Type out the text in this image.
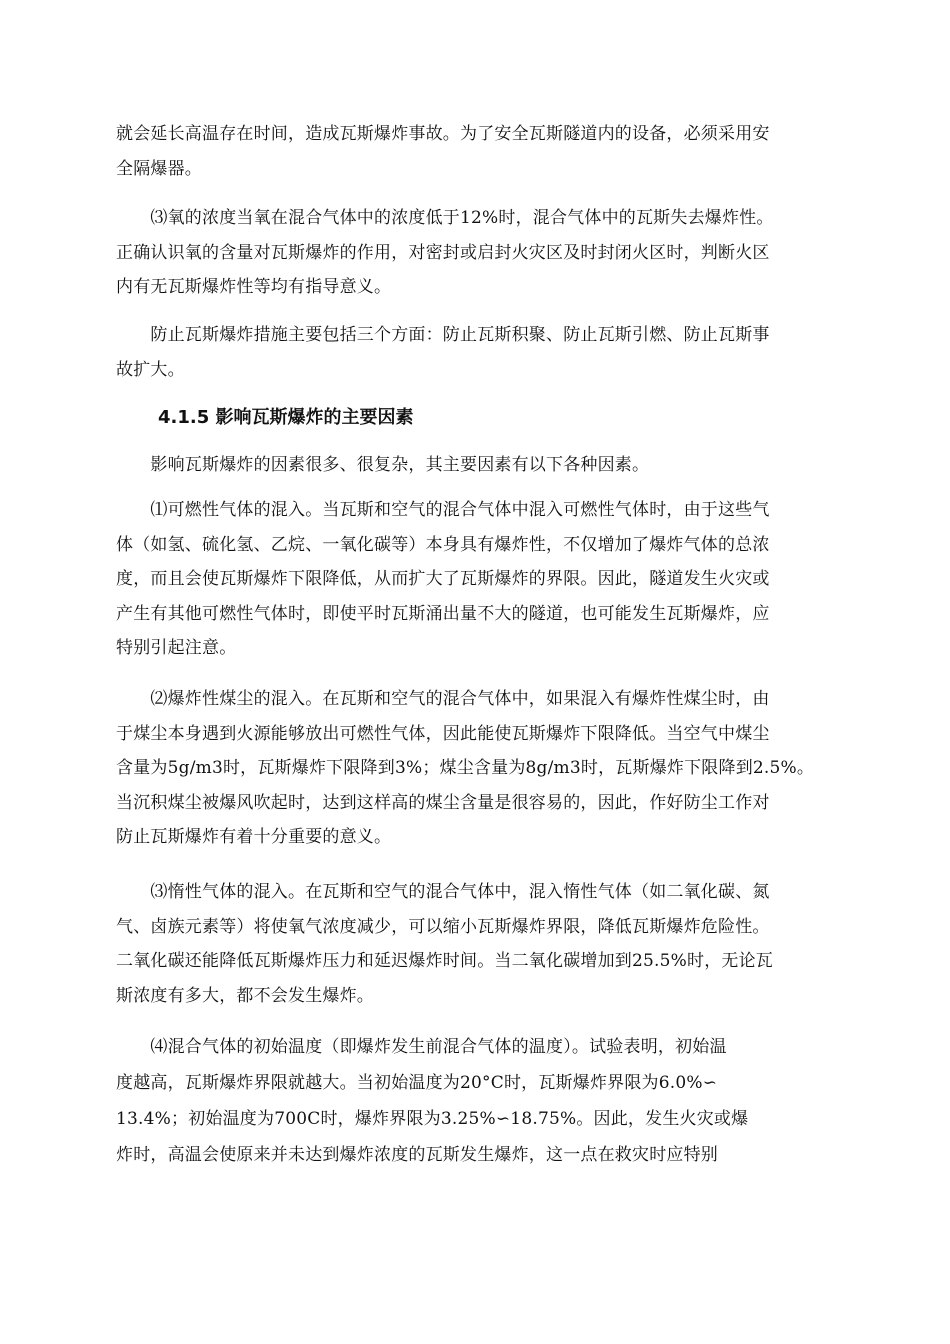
就会延长高温存在时间，造成瓦斯爆炸事故。为了安全瓦斯隧道内的设备，必须采用安
全隔爆器。
　　⑶氧的浓度当氧在混合气体中的浓度低于12%时，混合气体中的瓦斯失去爆炸性。
正确认识氧的含量对瓦斯爆炸的作用，对密封或启封火灾区及时封闭火区时，判断火区
内有无瓦斯爆炸性等均有指导意义。
　　防止瓦斯爆炸措施主要包括三个方面：防止瓦斯积聚、防止瓦斯引燃、防止瓦斯事
故扩大。
4.1.5 影响瓦斯爆炸的主要因素
　　影响瓦斯爆炸的因素很多、很复杂，其主要因素有以下各种因素。
　　⑴可燃性气体的混入。当瓦斯和空气的混合气体中混入可燃性气体时，由于这些气
体（如氢、硫化氢、乙烷、一氧化碳等）本身具有爆炸性，不仅增加了爆炸气体的总浓
度，而且会使瓦斯爆炸下限降低，从而扩大了瓦斯爆炸的界限。因此，隧道发生火灾或
产生有其他可燃性气体时，即使平时瓦斯涌出量不大的隧道，也可能发生瓦斯爆炸，应
特别引起注意。
　　⑵爆炸性煤尘的混入。在瓦斯和空气的混合气体中，如果混入有爆炸性煤尘时，由
于煤尘本身遇到火源能够放出可燃性气体，因此能使瓦斯爆炸下限降低。当空气中煤尘
含量为5g/m3时，瓦斯爆炸下限降到3%；煤尘含量为8g/m3时，瓦斯爆炸下限降到2.5%。
当沉积煤尘被爆风吹起时，达到这样高的煤尘含量是很容易的，因此，作好防尘工作对
防止瓦斯爆炸有着十分重要的意义。
　　⑶惰性气体的混入。在瓦斯和空气的混合气体中，混入惰性气体（如二氧化碳、氮
气、卤族元素等）将使氧气浓度减少，可以缩小瓦斯爆炸界限，降低瓦斯爆炸危险性。
二氧化碳还能降低瓦斯爆炸压力和延迟爆炸时间。当二氧化碳增加到25.5%时，无论瓦
斯浓度有多大，都不会发生爆炸。
　　⑷混合气体的初始温度（即爆炸发生前混合气体的温度）。试验表明，初始温
度越高，瓦斯爆炸界限就越大。当初始温度为20°C时，瓦斯爆炸界限为6.0%∽
13.4%；初始温度为700C时，爆炸界限为3.25%∽18.75%。因此，发生火灾或爆
炸时，高温会使原来并未达到爆炸浓度的瓦斯发生爆炸，这一点在救灾时应特别
